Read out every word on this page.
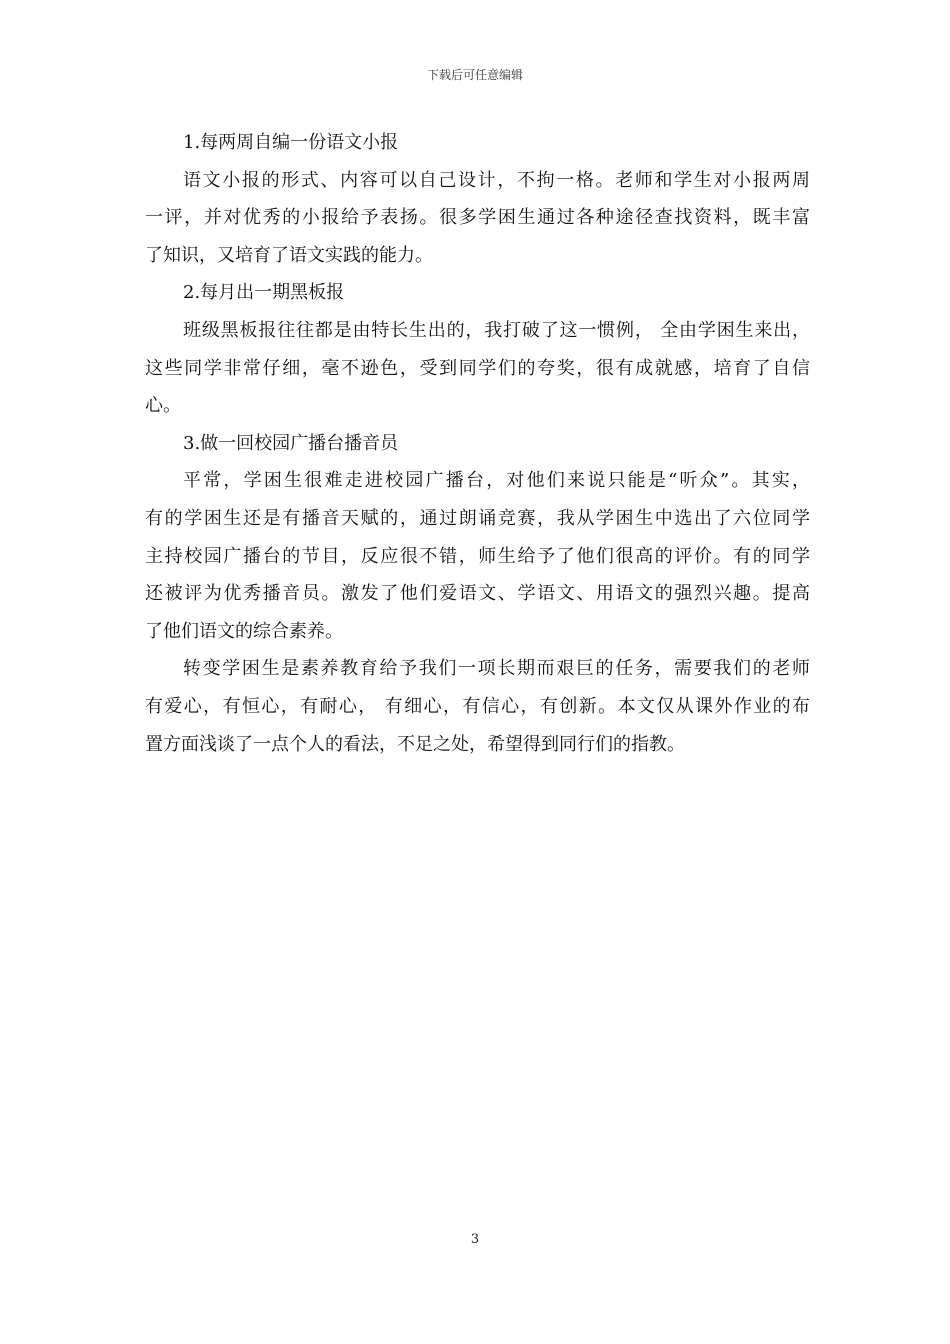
下载后可任意编辑
1.每两周自编一份语文小报
语文小报的形式、内容可以自己设计，不拘一格。老师和学生对小报两周
一评，并对优秀的小报给予表扬。很多学困生通过各种途径查找资料，既丰富
了知识，又培育了语文实践的能力。
2.每月出一期黑板报
班级黑板报往往都是由特长生出的，我打破了这一惯例， 全由学困生来出，
这些同学非常仔细，毫不逊色，受到同学们的夸奖，很有成就感，培育了自信
心。
3.做一回校园广播台播音员
平常，学困生很难走进校园广播台，对他们来说只能是“听众”。其实，
有的学困生还是有播音天赋的，通过朗诵竞赛，我从学困生中选出了六位同学
主持校园广播台的节目，反应很不错，师生给予了他们很高的评价。有的同学
还被评为优秀播音员。激发了他们爱语文、学语文、用语文的强烈兴趣。提高
了他们语文的综合素养。
转变学困生是素养教育给予我们一项长期而艰巨的任务，需要我们的老师
有爱心，有恒心，有耐心， 有细心，有信心，有创新。本文仅从课外作业的布
置方面浅谈了一点个人的看法，不足之处，希望得到同行们的指教。
3
